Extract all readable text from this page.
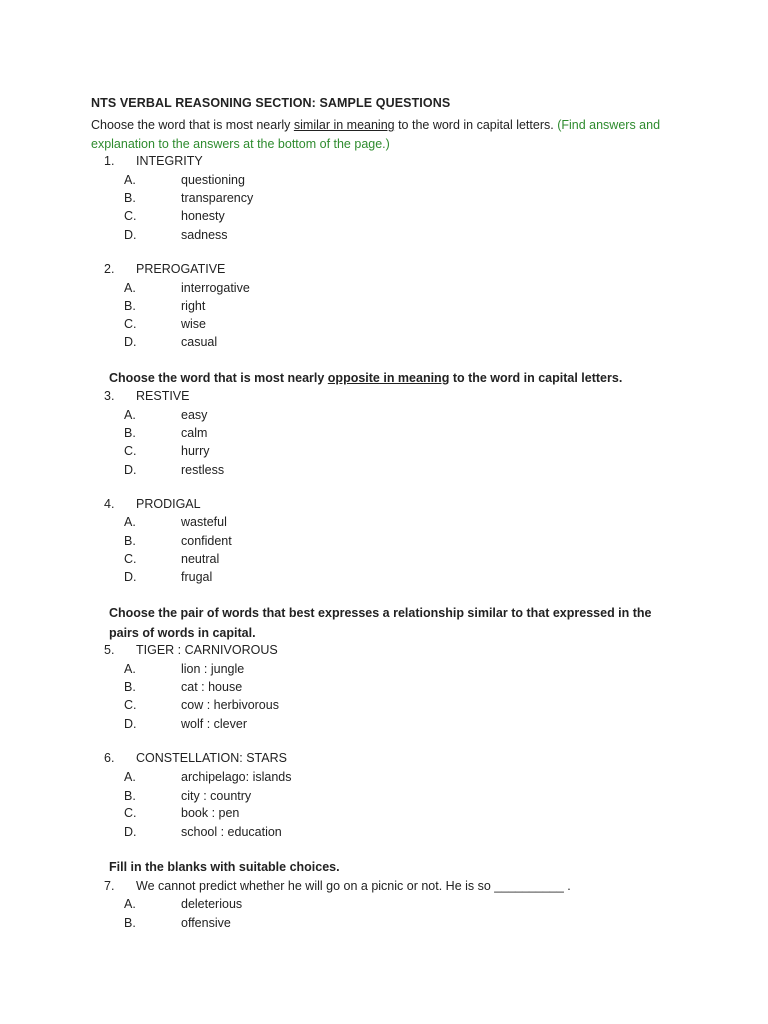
NTS VERBAL REASONING SECTION: SAMPLE QUESTIONS
Choose the word that is most nearly similar in meaning to the word in capital letters. (Find answers and explanation to the answers at the bottom of the page.)
1. INTEGRITY
A.	questioning
B.	transparency
C.	honesty
D.	sadness
2. PREROGATIVE
A.	interrogative
B.	right
C.	wise
D.	casual
Choose the word that is most nearly opposite in meaning to the word in capital letters.
3. RESTIVE
A.	easy
B.	calm
C.	hurry
D.	restless
4. PRODIGAL
A.	wasteful
B.	confident
C.	neutral
D.	frugal
Choose the pair of words that best expresses a relationship similar to that expressed in the pairs of words in capital.
5. TIGER : CARNIVOROUS
A.	lion : jungle
B.	cat : house
C.	cow : herbivorous
D.	wolf : clever
6. CONSTELLATION: STARS
A.	archipelago: islands
B.	city : country
C.	book : pen
D.	school : education
Fill in the blanks with suitable choices.
7. We cannot predict whether he will go on a picnic or not. He is so __________ .
A.	deleterious
B.	offensive
